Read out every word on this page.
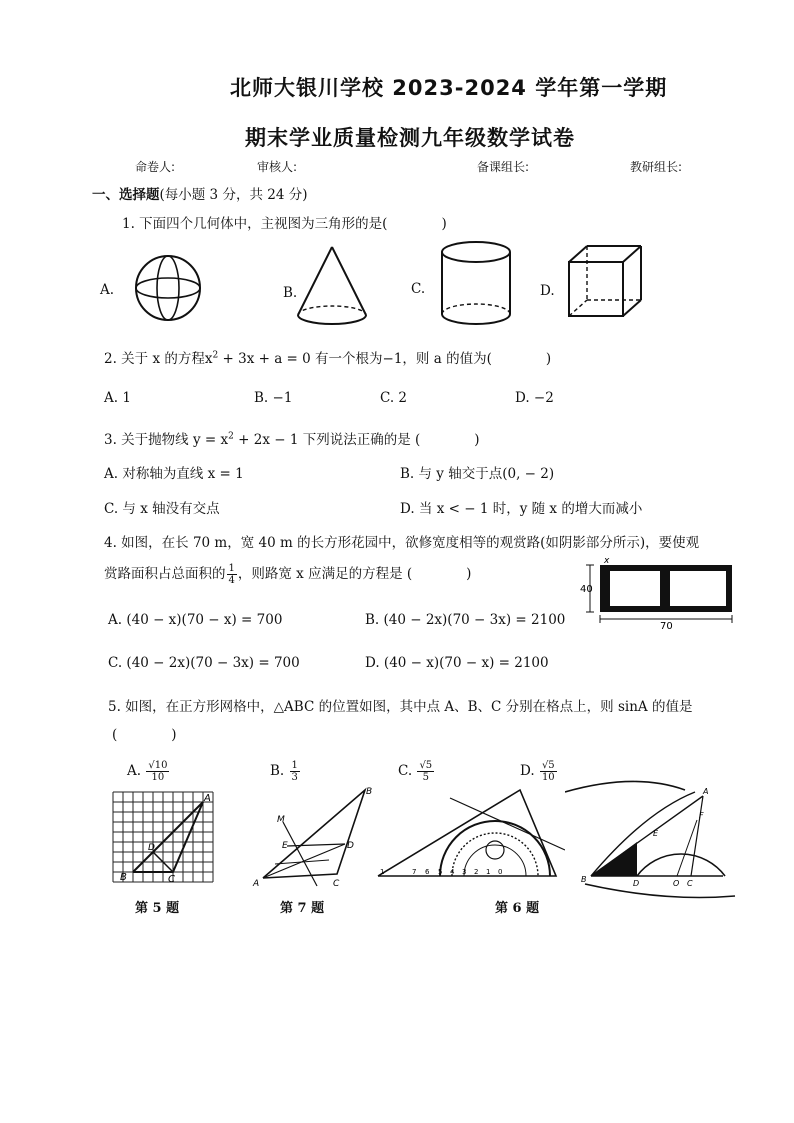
北师大银川学校 2023-2024 学年第一学期
期末学业质量检测九年级数学试卷
命卷人:	审核人:	备课组长:	教研组长:
一、选择题(每小题 3 分，共 24 分)
1. 下面四个几何体中，主视图为三角形的是(　　　　)
A.	B.	C.	D.
2. 关于 x 的方程$x^2 + 3x + a = 0$ 有一个根为−1，则 a 的值为(　　　　)
A. 1	B. −1	C. 2	D. −2
3. 关于抛物线 $y = x^2 + 2x - 1$ 下列说法正确的是 (　　　　)
A. 对称轴为直线 x = 1	B. 与 y 轴交于点(0, − 2)
C. 与 x 轴没有交点	D. 当 x < − 1 时，y 随 x 的增大而减小
4. 如图，在长 70 m，宽 40 m 的长方形花园中，欲修宽度相等的观赏路(如阴影部分所示)，要使观
赏路面积占总面积的 $\frac{1}{4}$ ，则路宽 x 应满足的方程是 (　　　　)
A. (40 − x)(70 − x) = 700	B. (40 − 2x)(70 − 3x) = 2100
C. (40 − 2x)(70 − 3x) = 700	D. (40 − x)(70 − x) = 2100
x
40
70
5. 如图，在正方形网格中，△ABC 的位置如图，其中点 A、B、C 分别在格点上，则 sinA 的值是
(　　　　)
A. $\frac{√10}{10}$	B. $\frac{1}{3}$	C. $\frac{√5}{5}$	D. $\frac{√5}{10}$
A
B	C
D
第 5 题
B
A	C
D
E
M
第 7 题
1	7 6 5 4 3 2 1 0
第 6 题
A
B	C
D
E
F
O
